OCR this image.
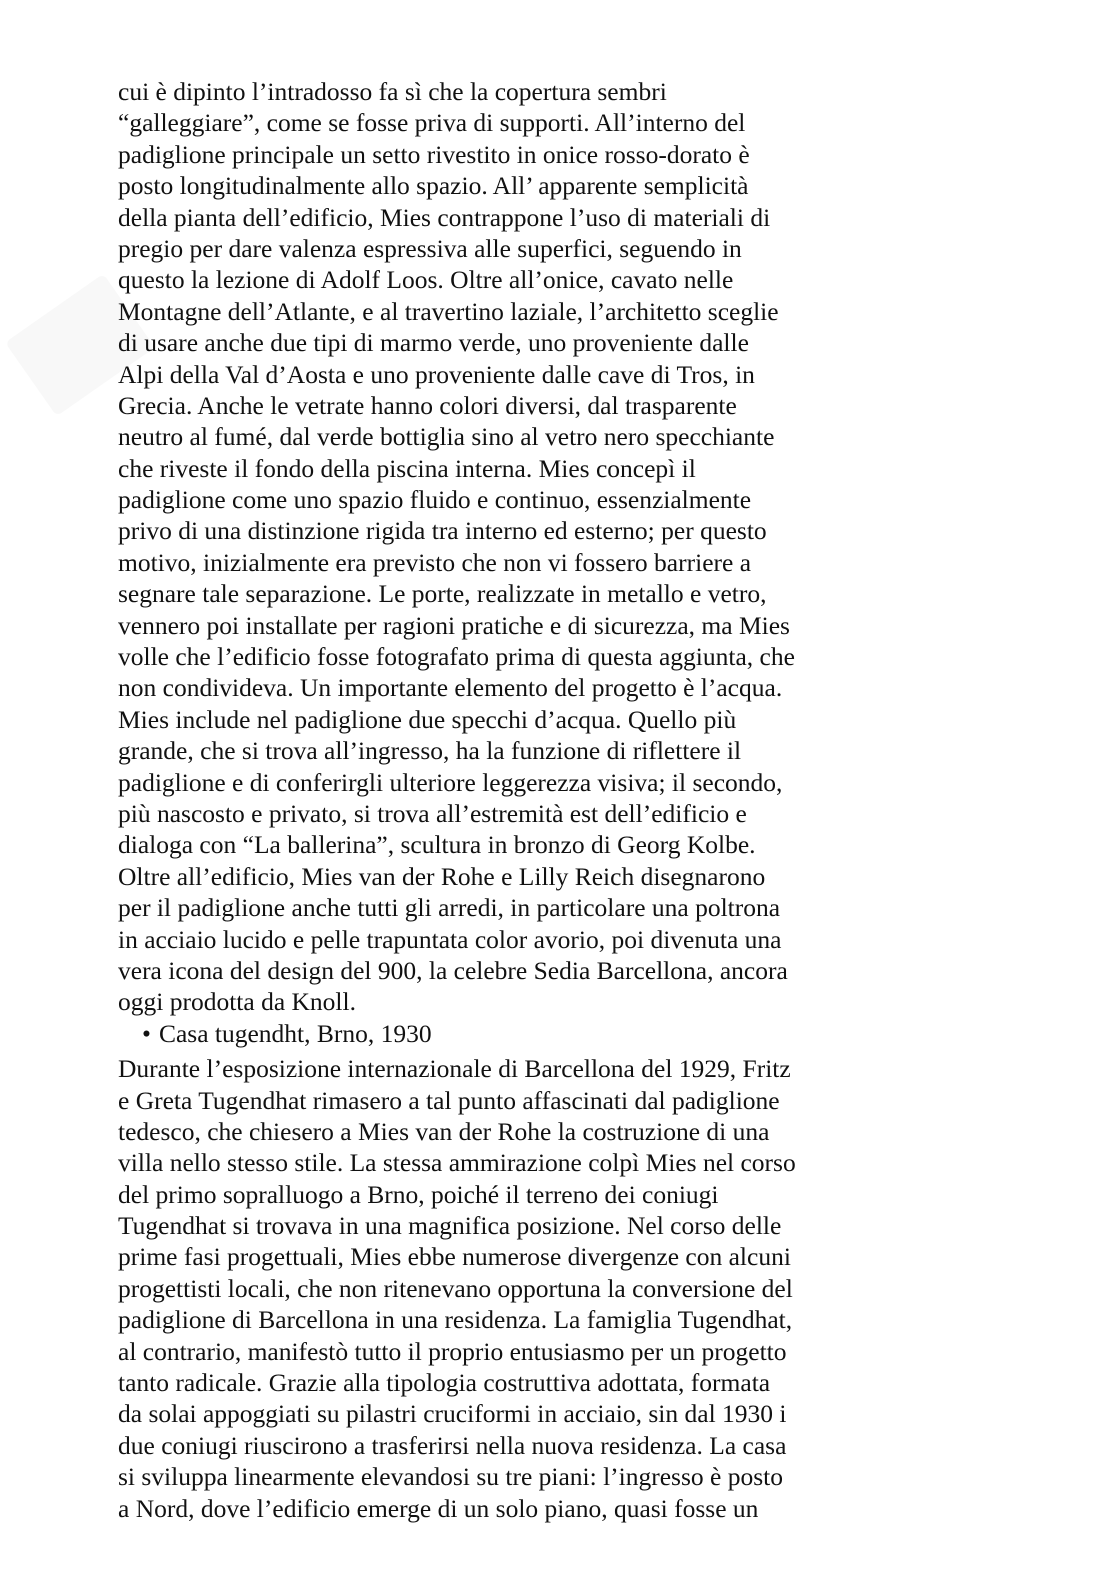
cui è dipinto l’intradosso fa sì che la copertura sembri
“galleggiare”, come se fosse priva di supporti. All’interno del
padiglione principale un setto rivestito in onice rosso-dorato è
posto longitudinalmente allo spazio. All’ apparente semplicità
della pianta dell’edificio, Mies contrappone l’uso di materiali di
pregio per dare valenza espressiva alle superfici, seguendo in
questo la lezione di Adolf Loos. Oltre all’onice, cavato nelle
Montagne dell’Atlante, e al travertino laziale, l’architetto sceglie
di usare anche due tipi di marmo verde, uno proveniente dalle
Alpi della Val d’Aosta e uno proveniente dalle cave di Tros, in
Grecia. Anche le vetrate hanno colori diversi, dal trasparente
neutro al fumé, dal verde bottiglia sino al vetro nero specchiante
che riveste il fondo della piscina interna. Mies concepì il
padiglione come uno spazio fluido e continuo, essenzialmente
privo di una distinzione rigida tra interno ed esterno; per questo
motivo, inizialmente era previsto che non vi fossero barriere a
segnare tale separazione. Le porte, realizzate in metallo e vetro,
vennero poi installate per ragioni pratiche e di sicurezza, ma Mies
volle che l’edificio fosse fotografato prima di questa aggiunta, che
non condivideva. Un importante elemento del progetto è l’acqua.
Mies include nel padiglione due specchi d’acqua. Quello più
grande, che si trova all’ingresso, ha la funzione di riflettere il
padiglione e di conferirgli ulteriore leggerezza visiva; il secondo,
più nascosto e privato, si trova all’estremità est dell’edificio e
dialoga con “La ballerina”, scultura in bronzo di Georg Kolbe.
Oltre all’edificio, Mies van der Rohe e Lilly Reich disegnarono
per il padiglione anche tutti gli arredi, in particolare una poltrona
in acciaio lucido e pelle trapuntata color avorio, poi divenuta una
vera icona del design del 900, la celebre Sedia Barcellona, ancora
oggi prodotta da Knoll.
• Casa tugendht, Brno, 1930
Durante l’esposizione internazionale di Barcellona del 1929, Fritz
e Greta Tugendhat rimasero a tal punto affascinati dal padiglione
tedesco, che chiesero a Mies van der Rohe la costruzione di una
villa nello stesso stile. La stessa ammirazione colpì Mies nel corso
del primo sopralluogo a Brno, poiché il terreno dei coniugi
Tugendhat si trovava in una magnifica posizione. Nel corso delle
prime fasi progettuali, Mies ebbe numerose divergenze con alcuni
progettisti locali, che non ritenevano opportuna la conversione del
padiglione di Barcellona in una residenza. La famiglia Tugendhat,
al contrario, manifestò tutto il proprio entusiasmo per un progetto
tanto radicale. Grazie alla tipologia costruttiva adottata, formata
da solai appoggiati su pilastri cruciformi in acciaio, sin dal 1930 i
due coniugi riuscirono a trasferirsi nella nuova residenza. La casa
si sviluppa linearmente elevandosi su tre piani: l’ingresso è posto
a Nord, dove l’edificio emerge di un solo piano, quasi fosse un
